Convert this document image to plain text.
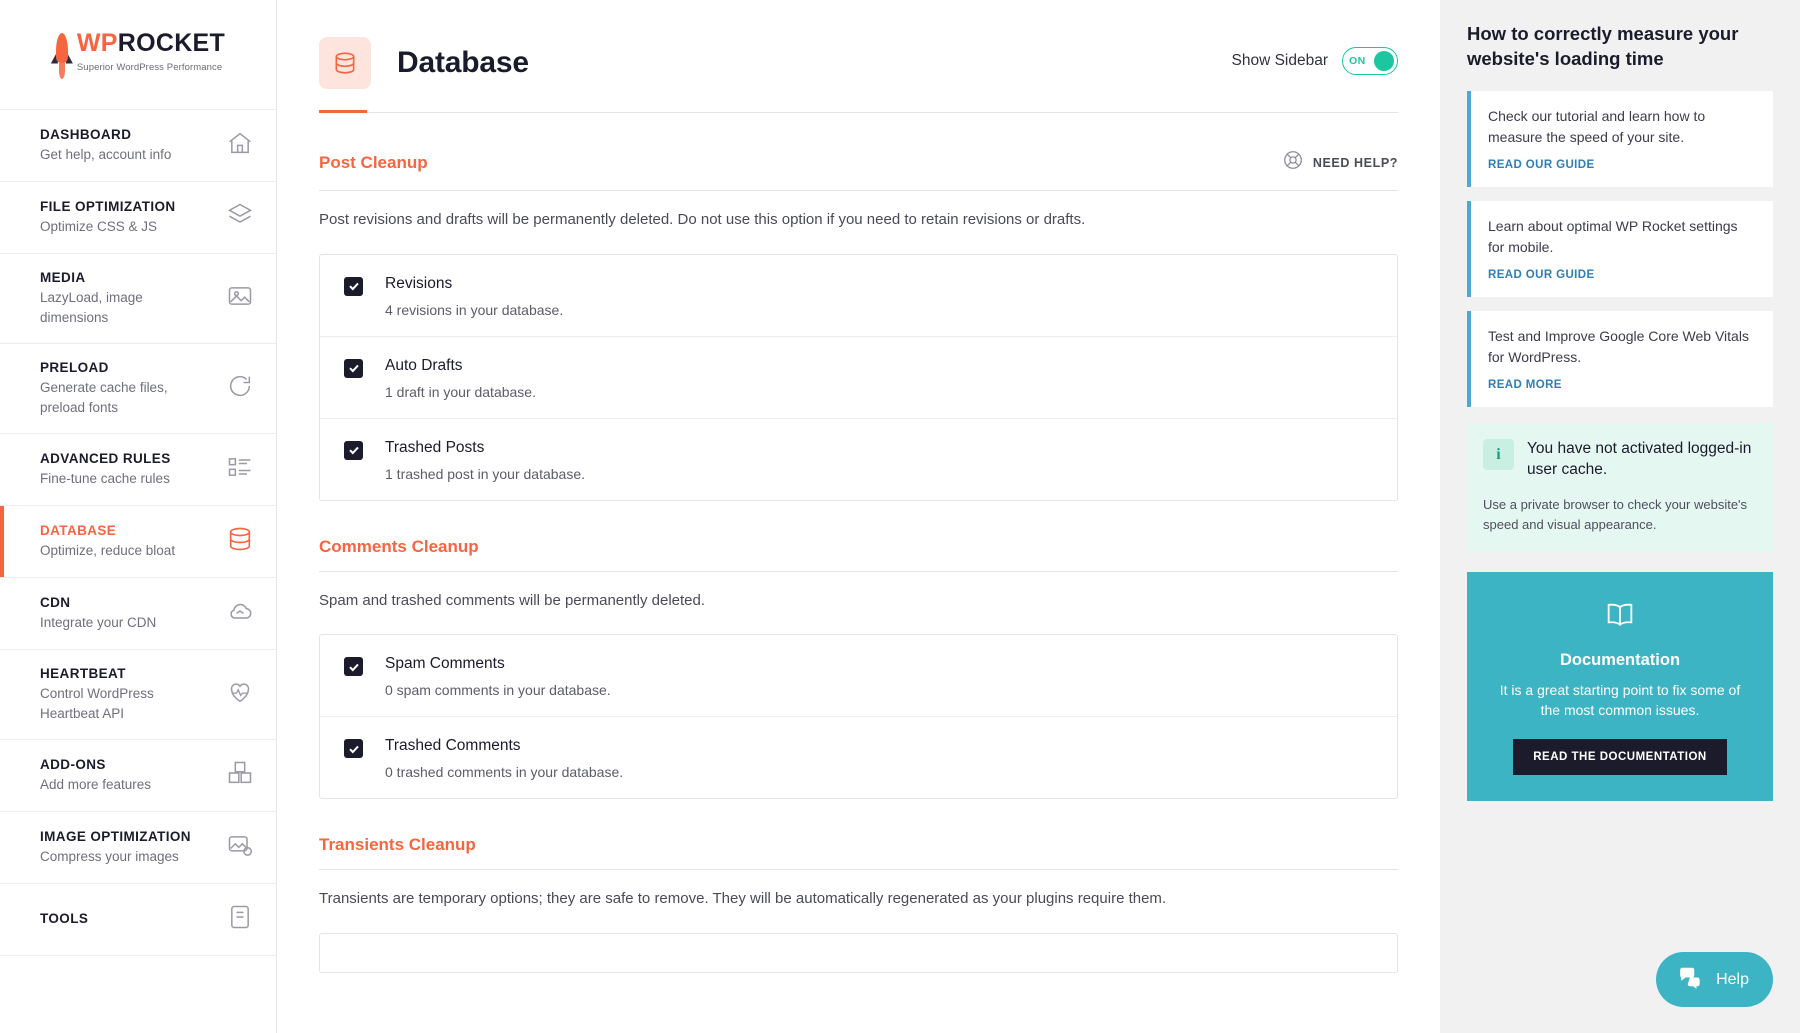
WPROCKET
Superior WordPress Performance
DASHBOARD
Get help, account info
FILE OPTIMIZATION
Optimize CSS & JS
MEDIA
LazyLoad, image dimensions
PRELOAD
Generate cache files, preload fonts
ADVANCED RULES
Fine-tune cache rules
DATABASE
Optimize, reduce bloat
CDN
Integrate your CDN
HEARTBEAT
Control WordPress Heartbeat API
ADD-ONS
Add more features
IMAGE OPTIMIZATION
Compress your images
TOOLS
Database	Show Sidebar ON
Post Cleanup	NEED HELP?
Post revisions and drafts will be permanently deleted. Do not use this option if you need to retain revisions or drafts.
Revisions
4 revisions in your database.
Auto Drafts
1 draft in your database.
Trashed Posts
1 trashed post in your database.
Comments Cleanup
Spam and trashed comments will be permanently deleted.
Spam Comments
0 spam comments in your database.
Trashed Comments
0 trashed comments in your database.
Transients Cleanup
Transients are temporary options; they are safe to remove. They will be automatically regenerated as your plugins require them.
How to correctly measure your website's loading time

Check our tutorial and learn how to measure the speed of your site.

READ OUR GUIDE

Learn about optimal WP Rocket settings for mobile.

READ OUR GUIDE

Test and Improve Google Core Web Vitals for WordPress.

READ MORE
i	You have not activated logged-in user cache.
Use a private browser to check your website's speed and visual appearance.
Documentation
It is a great starting point to fix some of the most common issues.
READ THE DOCUMENTATION
Help
